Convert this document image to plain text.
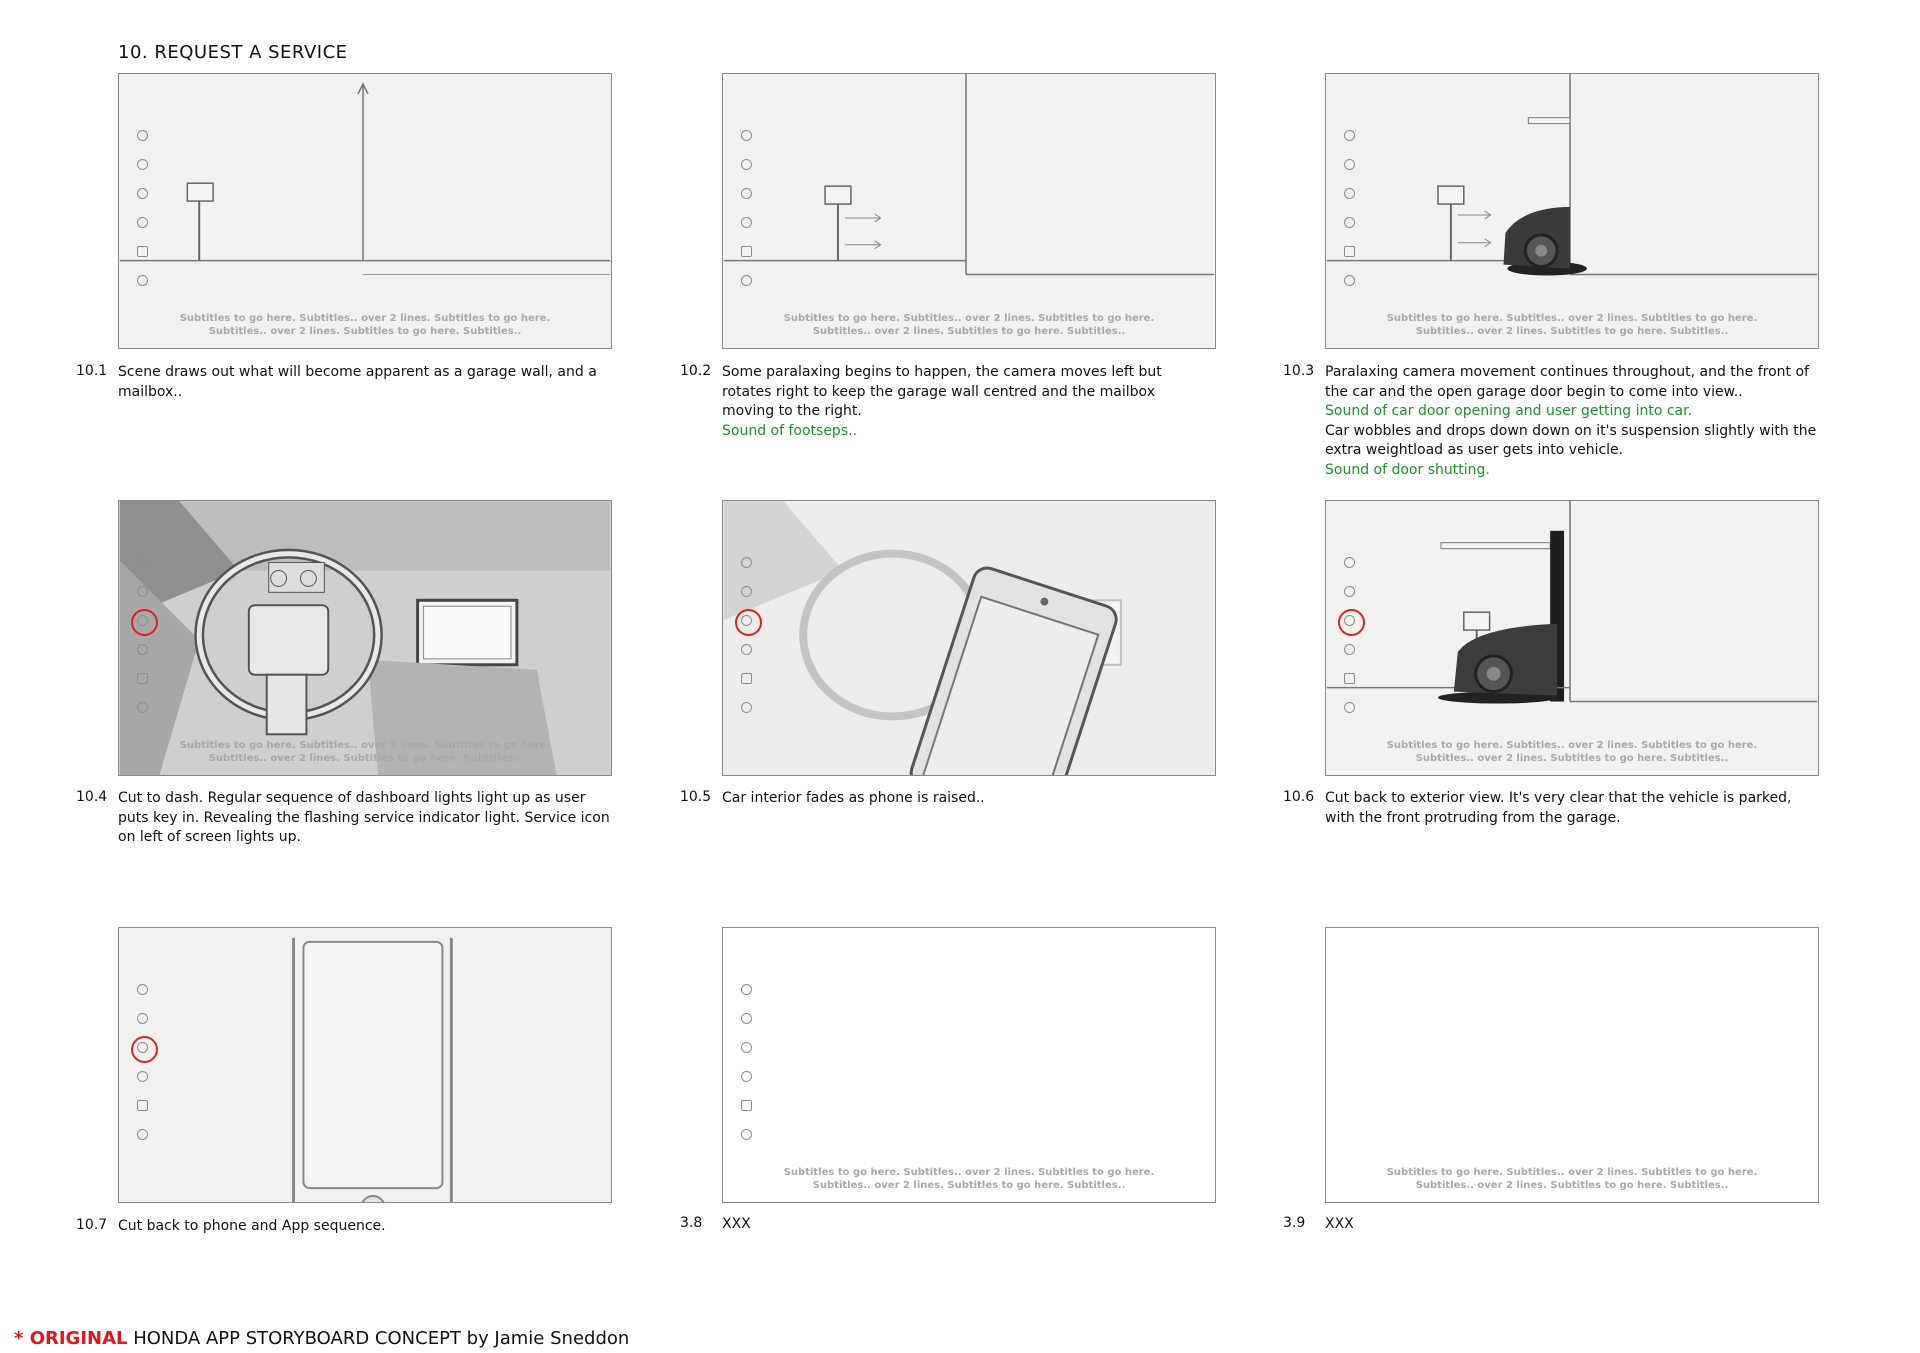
10. REQUEST A SERVICE
Subtitles to go here. Subtitles.. over 2 lines. Subtitles to go here.
Subtitles.. over 2 lines. Subtitles to go here. Subtitles..
10.1 Scene draws out what will become apparent as a garage wall, and a mailbox..
Subtitles to go here. Subtitles.. over 2 lines. Subtitles to go here.
Subtitles.. over 2 lines. Subtitles to go here. Subtitles..
10.2 Some paralaxing begins to happen, the camera moves left but rotates right to keep the garage wall centred and the mailbox moving to the right.
Sound of footseps..
Subtitles to go here. Subtitles.. over 2 lines. Subtitles to go here.
Subtitles.. over 2 lines. Subtitles to go here. Subtitles..
10.3 Paralaxing camera movement continues throughout, and the front of the car and the open garage door begin to come into view..
Sound of car door opening and user getting into car.
Car wobbles and drops down down on it's suspension slightly with the extra weightload as user gets into vehicle.
Sound of door shutting.
Subtitles to go here. Subtitles.. over 2 lines. Subtitles to go here.
Subtitles.. over 2 lines. Subtitles to go here. Subtitles..
10.4 Cut to dash. Regular sequence of dashboard lights light up as user puts key in. Revealing the flashing service indicator light. Service icon on left of screen lights up.
10.5 Car interior fades as phone is raised..
Subtitles to go here. Subtitles.. over 2 lines. Subtitles to go here.
Subtitles.. over 2 lines. Subtitles to go here. Subtitles..
10.6 Cut back to exterior view. It's very clear that the vehicle is parked, with the front protruding from the garage.
10.7 Cut back to phone and App sequence.
Subtitles to go here. Subtitles.. over 2 lines. Subtitles to go here.
Subtitles.. over 2 lines. Subtitles to go here. Subtitles..
3.8 XXX
Subtitles to go here. Subtitles.. over 2 lines. Subtitles to go here.
Subtitles.. over 2 lines. Subtitles to go here. Subtitles..
3.9 XXX
* ORIGINAL HONDA APP STORYBOARD CONCEPT by Jamie Sneddon
